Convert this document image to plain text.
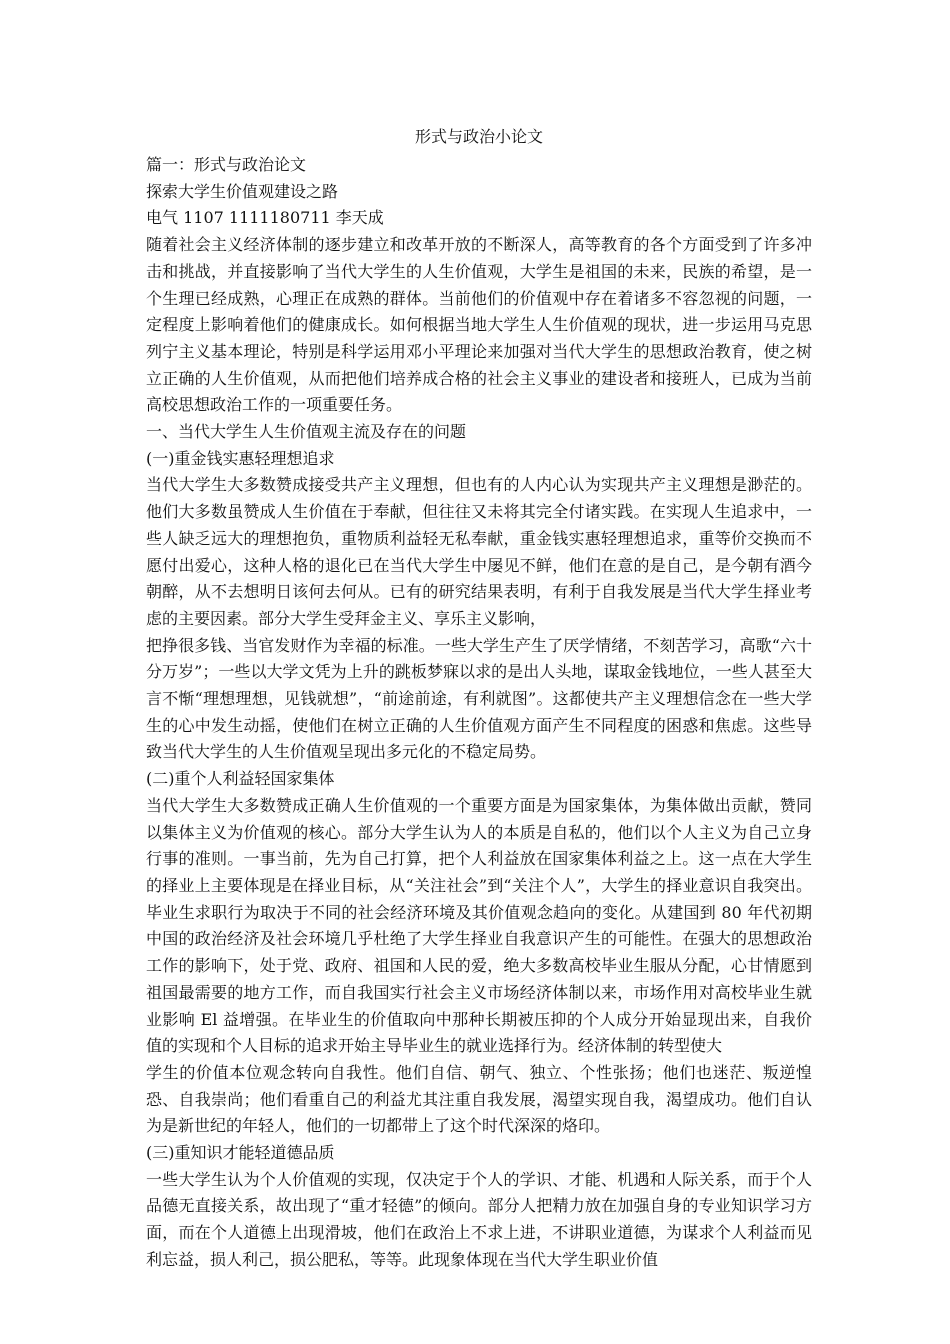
形式与政治小论文

篇一：形式与政治论文

探索大学生价值观建设之路

电气 1107 1111180711 李天成

随着社会主义经济体制的逐步建立和改革开放的不断深人，高等教育的各个方面受到了许多冲击和挑战，并直接影响了当代大学生的人生价值观，大学生是祖国的未来，民族的希望，是一个生理已经成熟，心理正在成熟的群体。当前他们的价值观中存在着诸多不容忽视的问题，一定程度上影响着他们的健康成长。如何根据当地大学生人生价值观的现状，进一步运用马克思列宁主义基本理论，特别是科学运用邓小平理论来加强对当代大学生的思想政治教育，使之树立正确的人生价值观，从而把他们培养成合格的社会主义事业的建设者和接班人，已成为当前高校思想政治工作的一项重要任务。

一、当代大学生人生价值观主流及存在的问题

(一)重金钱实惠轻理想追求

当代大学生大多数赞成接受共产主义理想，但也有的人内心认为实现共产主义理想是渺茫的。他们大多数虽赞成人生价值在于奉献，但往往又未将其完全付诸实践。在实现人生追求中，一些人缺乏远大的理想抱负，重物质利益轻无私奉献，重金钱实惠轻理想追求，重等价交换而不愿付出爱心，这种人格的退化已在当代大学生中屡见不鲜，他们在意的是自己，是今朝有酒今朝醉，从不去想明日该何去何从。已有的研究结果表明，有利于自我发展是当代大学生择业考虑的主要因素。部分大学生受拜金主义、享乐主义影响，

把挣很多钱、当官发财作为幸福的标准。一些大学生产生了厌学情绪，不刻苦学习，高歌“六十分万岁”；一些以大学文凭为上升的跳板梦寐以求的是出人头地，谋取金钱地位，一些人甚至大言不惭“理想理想，见钱就想”，“前途前途，有利就图”。这都使共产主义理想信念在一些大学生的心中发生动摇，使他们在树立正确的人生价值观方面产生不同程度的困惑和焦虑。这些导致当代大学生的人生价值观呈现出多元化的不稳定局势。

(二)重个人利益轻国家集体

当代大学生大多数赞成正确人生价值观的一个重要方面是为国家集体，为集体做出贡献，赞同以集体主义为价值观的核心。部分大学生认为人的本质是自私的，他们以个人主义为自己立身行事的准则。一事当前，先为自己打算，把个人利益放在国家集体利益之上。这一点在大学生的择业上主要体现是在择业目标，从“关注社会”到“关注个人”，大学生的择业意识自我突出。毕业生求职行为取决于不同的社会经济环境及其价值观念趋向的变化。从建国到 80 年代初期中国的政治经济及社会环境几乎杜绝了大学生择业自我意识产生的可能性。在强大的思想政治工作的影响下，处于党、政府、祖国和人民的爱，绝大多数高校毕业生服从分配，心甘情愿到祖国最需要的地方工作，而自我国实行社会主义市场经济体制以来，市场作用对高校毕业生就业影响 El 益增强。在毕业生的价值取向中那种长期被压抑的个人成分开始显现出来，自我价值的实现和个人目标的追求开始主导毕业生的就业选择行为。经济体制的转型使大

学生的价值本位观念转向自我性。他们自信、朝气、独立、个性张扬；他们也迷茫、叛逆惶恐、自我崇尚；他们看重自己的利益尤其注重自我发展，渴望实现自我，渴望成功。他们自认为是新世纪的年轻人，他们的一切都带上了这个时代深深的烙印。

(三)重知识才能轻道德品质

一些大学生认为个人价值观的实现，仅决定于个人的学识、才能、机遇和人际关系，而于个人品德无直接关系，故出现了“重才轻德”的倾向。部分人把精力放在加强自身的专业知识学习方面，而在个人道德上出现滑坡，他们在政治上不求上进，不讲职业道德，为谋求个人利益而见利忘益，损人利己，损公肥私，等等。此现象体现在当代大学生职业价值
